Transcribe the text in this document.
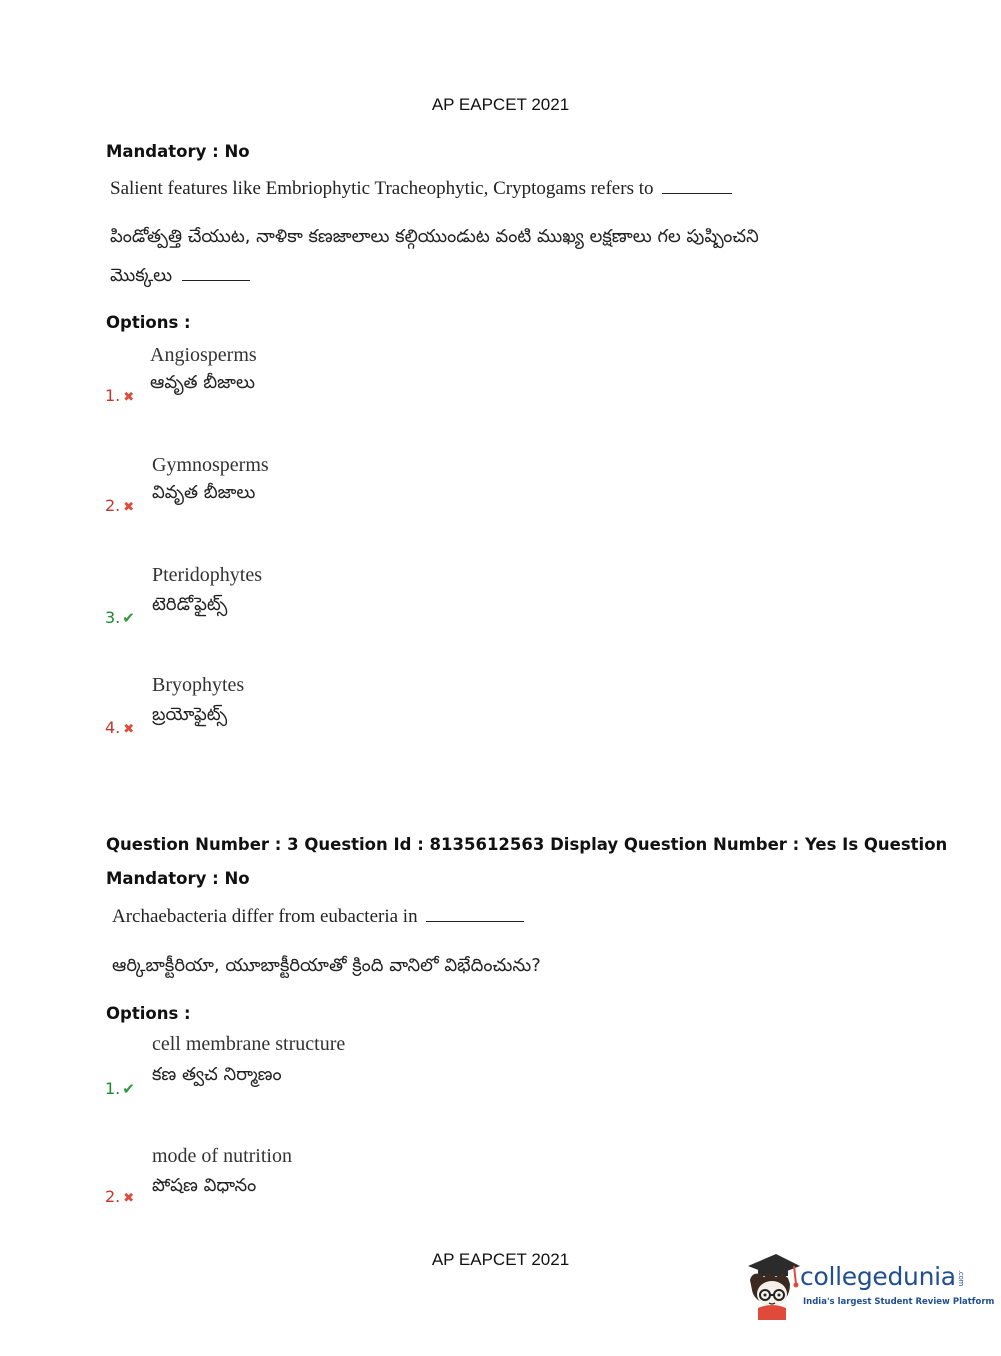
AP EAPCET 2021
Mandatory : No
Salient features like Embriophytic Tracheophytic, Cryptogams refers to
పిండోత్పత్తి చేయుట, నాళికా కణజాలాలు కల్గియుండుట వంటి ముఖ్య లక్షణాలు గల పుష్పించని
మొక్కలు
Options :
1. ✖
Angiosperms
ఆవృత బీజాలు
2. ✖
Gymnosperms
వివృత బీజాలు
3. ✔
Pteridophytes
టెరిడోఫైట్స్
4. ✖
Bryophytes
బ్రయోఫైట్స్
Question Number : 3 Question Id : 8135612563 Display Question Number : Yes Is Question
Mandatory : No
Archaebacteria differ from eubacteria in
ఆర్కిబాక్టీరియా, యూబాక్టీరియాతో క్రింది వానిలో విభేదించును?
Options :
1. ✔
cell membrane structure
కణ త్వచ నిర్మాణం
2. ✖
mode of nutrition
పోషణ విధానం
AP EAPCET 2021
collegedunia.com
India's largest Student Review Platform
